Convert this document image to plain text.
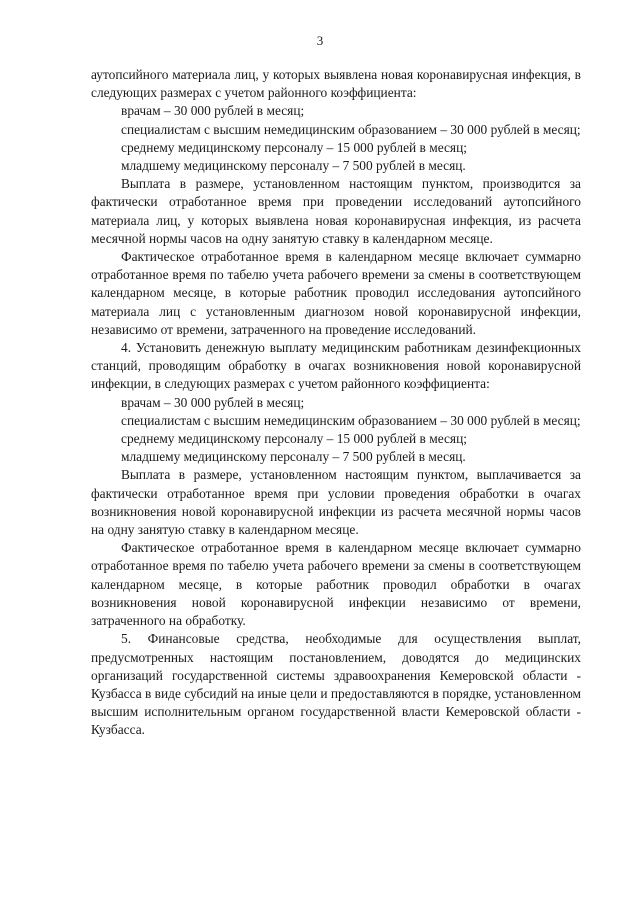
3

аутопсийного материала лиц, у которых выявлена новая коронавирусная инфекция, в следующих размерах с учетом районного коэффициента:

врачам – 30 000 рублей в месяц;

специалистам с высшим немедицинским образованием – 30 000 рублей в месяц;

среднему медицинскому персоналу – 15 000 рублей в месяц;

младшему медицинскому персоналу – 7 500 рублей в месяц.

Выплата в размере, установленном настоящим пунктом, производится за фактически отработанное время при проведении исследований аутопсийного материала лиц, у которых выявлена новая коронавирусная инфекция, из расчета месячной нормы часов на одну занятую ставку в календарном месяце.

Фактическое отработанное время в календарном месяце включает суммарно отработанное время по табелю учета рабочего времени за смены в соответствующем календарном месяце, в которые работник проводил исследования аутопсийного материала лиц с установленным диагнозом новой коронавирусной инфекции, независимо от времени, затраченного на проведение исследований.

4. Установить денежную выплату медицинским работникам дезинфекционных станций, проводящим обработку в очагах возникновения новой коронавирусной инфекции, в следующих размерах с учетом районного коэффициента:

врачам – 30 000 рублей в месяц;

специалистам с высшим немедицинским образованием – 30 000 рублей в месяц;

среднему медицинскому персоналу – 15 000 рублей в месяц;

младшему медицинскому персоналу – 7 500 рублей в месяц.

Выплата в размере, установленном настоящим пунктом, выплачивается за фактически отработанное время при условии проведения обработки в очагах возникновения новой коронавирусной инфекции из расчета месячной нормы часов на одну занятую ставку в календарном месяце.

Фактическое отработанное время в календарном месяце включает суммарно отработанное время по табелю учета рабочего времени за смены в соответствующем календарном месяце, в которые работник проводил обработки в очагах возникновения новой коронавирусной инфекции независимо от времени, затраченного на обработку.

5. Финансовые средства, необходимые для осуществления выплат, предусмотренных настоящим постановлением, доводятся до медицинских организаций государственной системы здравоохранения Кемеровской области - Кузбасса в виде субсидий на иные цели и предоставляются в порядке, установленном высшим исполнительным органом государственной власти Кемеровской области - Кузбасса.
